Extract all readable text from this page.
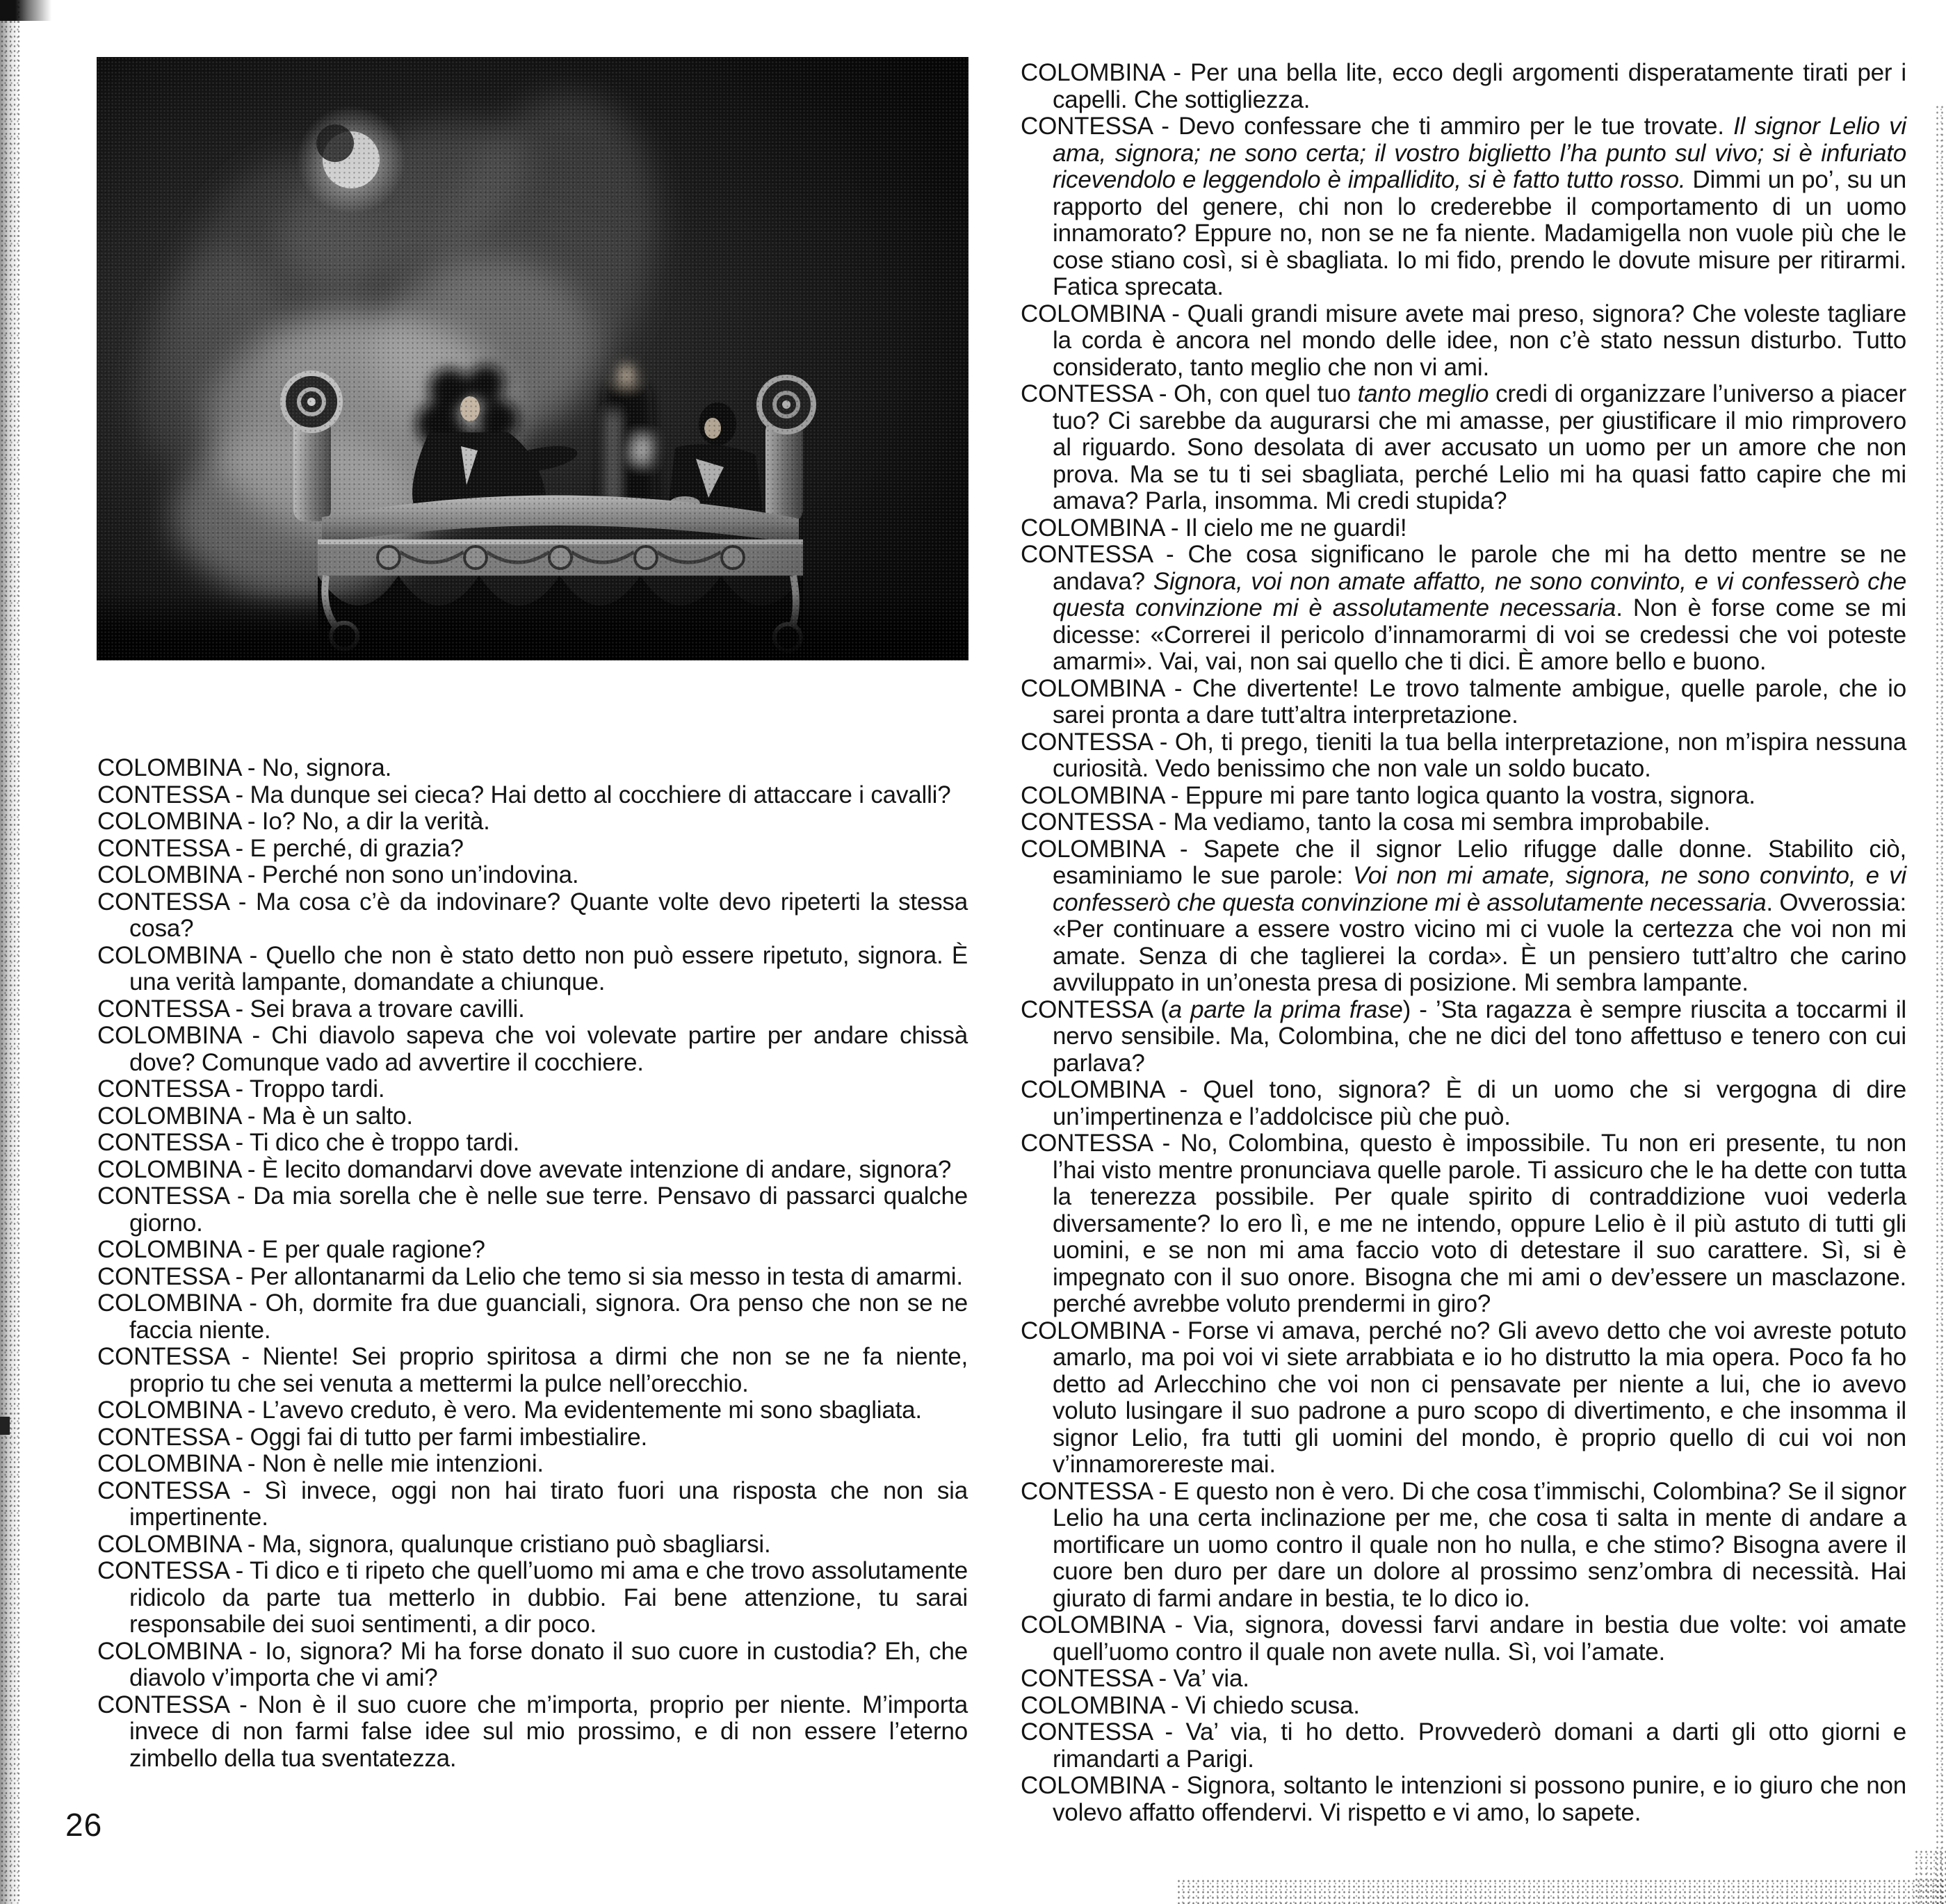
COLOMBINA - No, signora.

CONTESSA - Ma dunque sei cieca? Hai detto al cocchiere di attaccare i cavalli?

COLOMBINA - Io? No, a dir la verità.

CONTESSA - E perché, di grazia?

COLOMBINA - Perché non sono un’indovina.

CONTESSA - Ma cosa c’è da indovinare? Quante volte devo ripeterti la stessa cosa?

COLOMBINA - Quello che non è stato detto non può essere ripetuto, signora. È una verità lampante, domandate a chiunque.

CONTESSA - Sei brava a trovare cavilli.

COLOMBINA - Chi diavolo sapeva che voi volevate partire per andare chissà dove? Comunque vado ad avvertire il cocchiere.

CONTESSA - Troppo tardi.

COLOMBINA - Ma è un salto.

CONTESSA - Ti dico che è troppo tardi.

COLOMBINA - È lecito domandarvi dove avevate intenzione di andare, signora?

CONTESSA - Da mia sorella che è nelle sue terre. Pensavo di passarci qualche giorno.

COLOMBINA - E per quale ragione?

CONTESSA - Per allontanarmi da Lelio che temo si sia messo in testa di amarmi.

COLOMBINA - Oh, dormite fra due guanciali, signora. Ora penso che non se ne faccia niente.

CONTESSA - Niente! Sei proprio spiritosa a dirmi che non se ne fa niente, proprio tu che sei venuta a mettermi la pulce nell’orecchio.

COLOMBINA - L’avevo creduto, è vero. Ma evidentemente mi sono sbagliata.

CONTESSA - Oggi fai di tutto per farmi imbestialire.

COLOMBINA - Non è nelle mie intenzioni.

CONTESSA - Sì invece, oggi non hai tirato fuori una risposta che non sia impertinente.

COLOMBINA - Ma, signora, qualunque cristiano può sbagliarsi.

CONTESSA - Ti dico e ti ripeto che quell’uomo mi ama e che trovo assolutamente ridicolo da parte tua metterlo in dubbio. Fai bene attenzione, tu sarai responsabile dei suoi sentimenti, a dir poco.

COLOMBINA - Io, signora? Mi ha forse donato il suo cuore in custodia? Eh, che diavolo v’importa che vi ami?

CONTESSA - Non è il suo cuore che m’importa, proprio per niente. M’importa invece di non farmi false idee sul mio prossimo, e di non essere l’eterno zimbello della tua sventatezza.

COLOMBINA - Per una bella lite, ecco degli argomenti disperatamente tirati per i capelli. Che sottigliezza.

CONTESSA - Devo confessare che ti ammiro per le tue trovate. Il signor Lelio vi ama, signora; ne sono certa; il vostro biglietto l’ha punto sul vivo; si è infuriato ricevendolo e leggendolo è impallidito, si è fatto tutto rosso. Dimmi un po’, su un rapporto del genere, chi non lo crederebbe il comportamento di un uomo innamorato? Eppure no, non se ne fa niente. Madamigella non vuole più che le cose stiano così, si è sbagliata. Io mi fido, prendo le dovute misure per ritirarmi. Fatica sprecata.

COLOMBINA - Quali grandi misure avete mai preso, signora? Che voleste tagliare la corda è ancora nel mondo delle idee, non c’è stato nessun disturbo. Tutto considerato, tanto meglio che non vi ami.

CONTESSA - Oh, con quel tuo tanto meglio credi di organizzare l’universo a piacer tuo? Ci sarebbe da augurarsi che mi amasse, per giustificare il mio rimprovero al riguardo. Sono desolata di aver accusato un uomo per un amore che non prova. Ma se tu ti sei sbagliata, perché Lelio mi ha quasi fatto capire che mi amava? Parla, insomma. Mi credi stupida?

COLOMBINA - Il cielo me ne guardi!

CONTESSA - Che cosa significano le parole che mi ha detto mentre se ne andava? Signora, voi non amate affatto, ne sono convinto, e vi confesserò che questa convinzione mi è assolutamente necessaria. Non è forse come se mi dicesse: «Correrei il pericolo d’innamorarmi di voi se credessi che voi poteste amarmi». Vai, vai, non sai quello che ti dici. È amore bello e buono.

COLOMBINA - Che divertente! Le trovo talmente ambigue, quelle parole, che io sarei pronta a dare tutt’altra interpretazione.

CONTESSA - Oh, ti prego, tieniti la tua bella interpretazione, non m’ispira nessuna curiosità. Vedo benissimo che non vale un soldo bucato.

COLOMBINA - Eppure mi pare tanto logica quanto la vostra, signora.

CONTESSA - Ma vediamo, tanto la cosa mi sembra improbabile.

COLOMBINA - Sapete che il signor Lelio rifugge dalle donne. Stabilito ciò, esaminiamo le sue parole: Voi non mi amate, signora, ne sono convinto, e vi confesserò che questa convinzione mi è assolutamente necessaria. Ovverossia: «Per continuare a essere vostro vicino mi ci vuole la certezza che voi non mi amate. Senza di che taglierei la corda». È un pensiero tutt’altro che carino avviluppato in un’onesta presa di posizione. Mi sembra lampante.

CONTESSA (a parte la prima frase) - ’Sta ragazza è sempre riuscita a toccarmi il nervo sensibile. Ma, Colombina, che ne dici del tono affettuso e tenero con cui parlava?

COLOMBINA - Quel tono, signora? È di un uomo che si vergogna di dire un’impertinenza e l’addolcisce più che può.

CONTESSA - No, Colombina, questo è impossibile. Tu non eri presente, tu non l’hai visto mentre pronunciava quelle parole. Ti assicuro che le ha dette con tutta la tenerezza possibile. Per quale spirito di contraddizione vuoi vederla diversamente? Io ero lì, e me ne intendo, oppure Lelio è il più astuto di tutti gli uomini, e se non mi ama faccio voto di detestare il suo carattere. Sì, si è impegnato con il suo onore. Bisogna che mi ami o dev’essere un masclazone. perché avrebbe voluto prendermi in giro?

COLOMBINA - Forse vi amava, perché no? Gli avevo detto che voi avreste potuto amarlo, ma poi voi vi siete arrabbiata e io ho distrutto la mia opera. Poco fa ho detto ad Arlecchino che voi non ci pensavate per niente a lui, che io avevo voluto lusingare il suo padrone a puro scopo di divertimento, e che insomma il signor Lelio, fra tutti gli uomini del mondo, è proprio quello di cui voi non v’innamorereste mai.

CONTESSA - E questo non è vero. Di che cosa t’immischi, Colombina? Se il signor Lelio ha una certa inclinazione per me, che cosa ti salta in mente di andare a mortificare un uomo contro il quale non ho nulla, e che stimo? Bisogna avere il cuore ben duro per dare un dolore al prossimo senz’ombra di necessità. Hai giurato di farmi andare in bestia, te lo dico io.

COLOMBINA - Via, signora, dovessi farvi andare in bestia due volte: voi amate quell’uomo contro il quale non avete nulla. Sì, voi l’amate.

CONTESSA - Va’ via.

COLOMBINA - Vi chiedo scusa.

CONTESSA - Va’ via, ti ho detto. Provvederò domani a darti gli otto giorni e rimandarti a Parigi.

COLOMBINA - Signora, soltanto le intenzioni si possono punire, e io giuro che non volevo affatto offendervi. Vi rispetto e vi amo, lo sapete.

26
